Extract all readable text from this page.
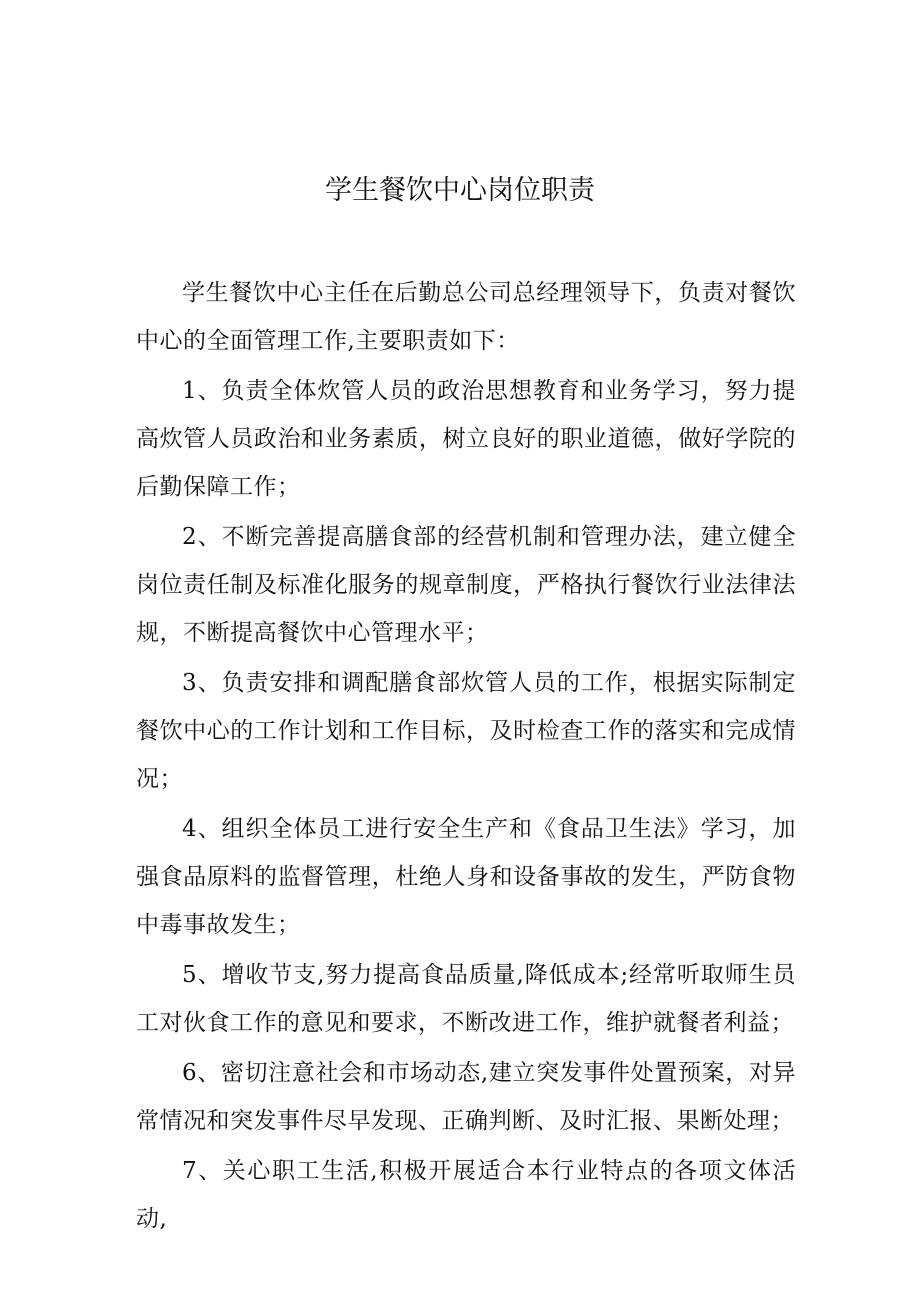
学生餐饮中心岗位职责

学生餐饮中心主任在后勤总公司总经理领导下，负责对餐饮中心的全面管理工作,主要职责如下：

1、负责全体炊管人员的政治思想教育和业务学习，努力提高炊管人员政治和业务素质，树立良好的职业道德，做好学院的后勤保障工作；

2、不断完善提高膳食部的经营机制和管理办法，建立健全岗位责任制及标准化服务的规章制度，严格执行餐饮行业法律法规，不断提高餐饮中心管理水平；

3、负责安排和调配膳食部炊管人员的工作，根据实际制定餐饮中心的工作计划和工作目标，及时检查工作的落实和完成情况；

4、组织全体员工进行安全生产和《食品卫生法》学习，加强食品原料的监督管理，杜绝人身和设备事故的发生，严防食物中毒事故发生；

5、增收节支,努力提高食品质量,降低成本;经常听取师生员工对伙食工作的意见和要求，不断改进工作，维护就餐者利益；

6、密切注意社会和市场动态,建立突发事件处置预案，对异常情况和突发事件尽早发现、正确判断、及时汇报、果断处理；

7、关心职工生活,积极开展适合本行业特点的各项文体活动,
